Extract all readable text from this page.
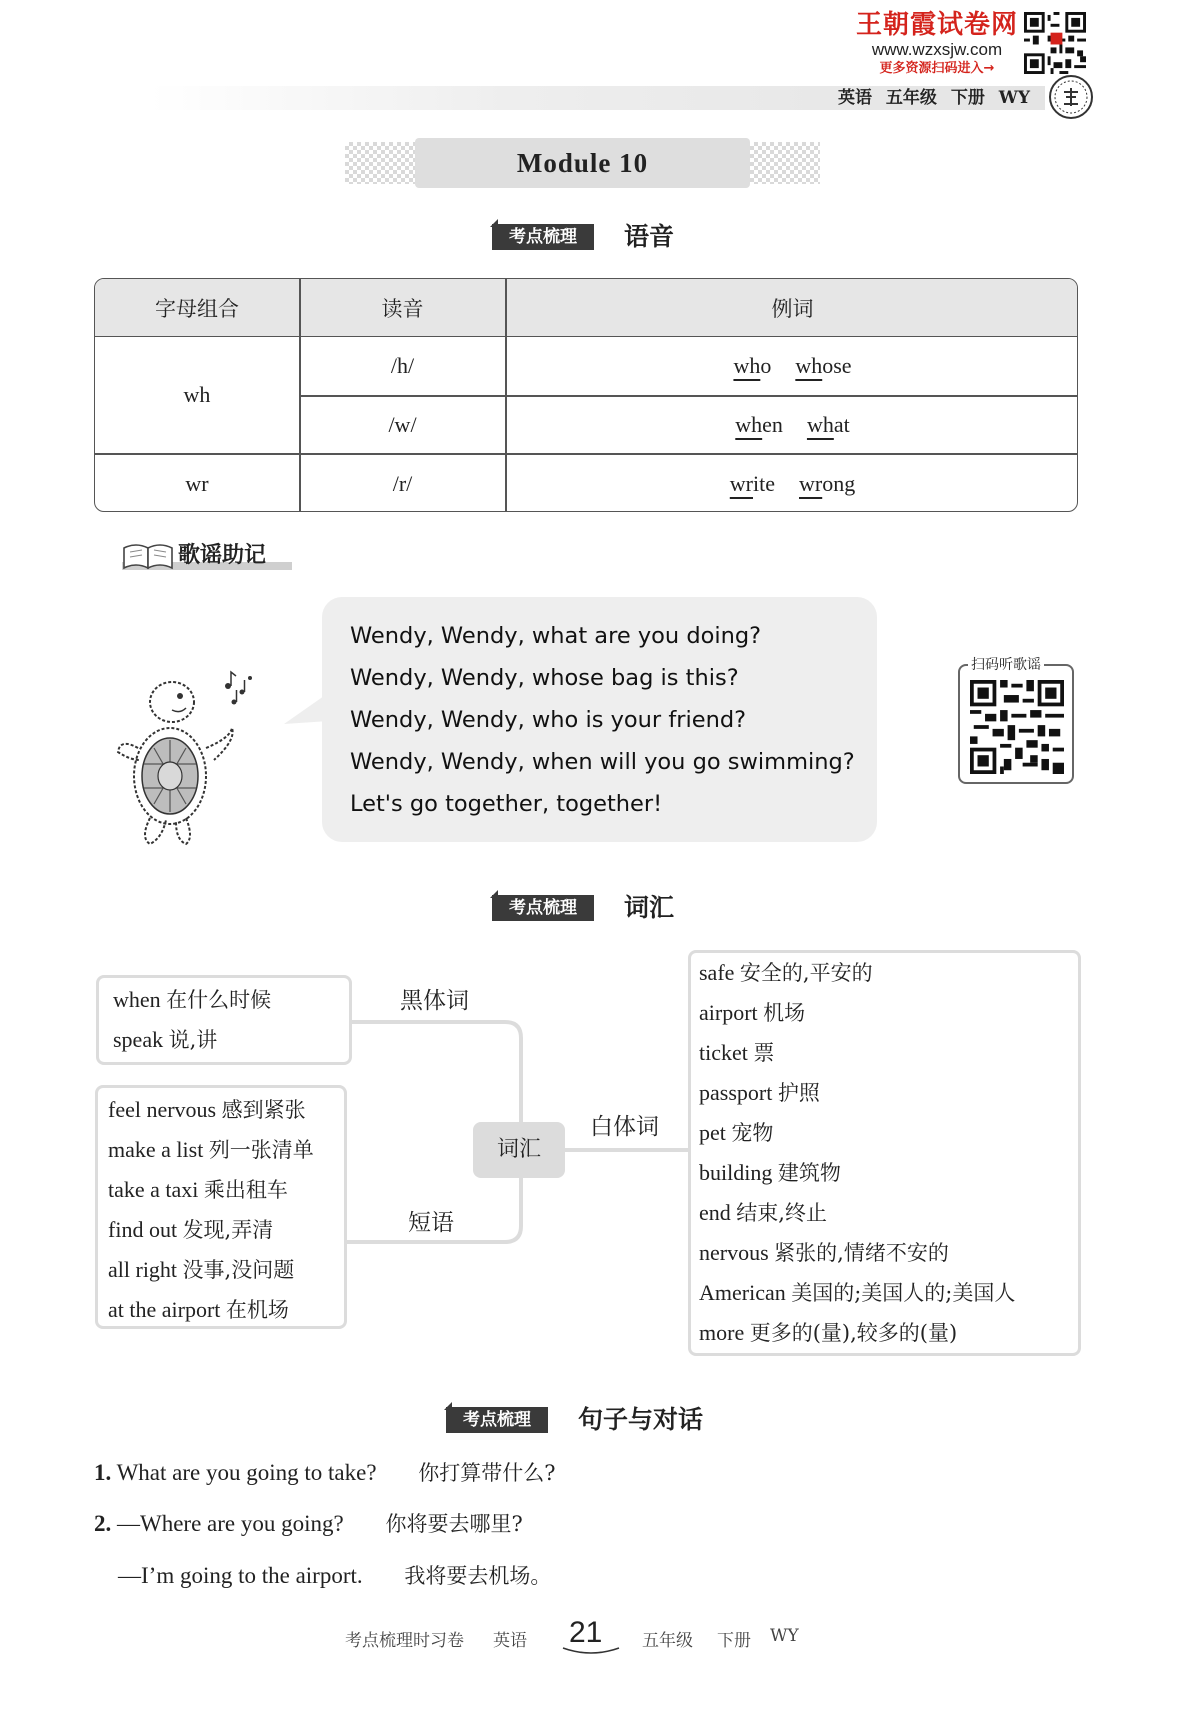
王朝霞试卷网
www.wzxsjw.com
更多资源扫码进入→
英语 五年级 下册 WY
Module 10
考点梳理	语音
字母组合	读音	例词
wh
/h/	who whose
/w/	when what
wr	/r/	write wrong
歌谣助记
Wendy, Wendy, what are you doing?
Wendy, Wendy, whose bag is this?
Wendy, Wendy, who is your friend?
Wendy, Wendy, when will you go swimming?
Let's go together, together!
扫码听歌谣
考点梳理	词汇
when 在什么时候
speak 说,讲
feel nervous 感到紧张
make a list 列一张清单
take a taxi 乘出租车
find out 发现,弄清
all right 没事,没问题
at the airport 在机场
safe 安全的,平安的
airport 机场
ticket 票
passport 护照
pet 宠物
building 建筑物
end 结束,终止
nervous 紧张的,情绪不安的
American 美国的;美国人的;美国人
more 更多的(量),较多的(量)
词汇
黑体词
白体词
短语
考点梳理	句子与对话
1. What are you going to take? 你打算带什么?
2. —Where are you going? 你将要去哪里?
—I’m going to the airport. 我将要去机场。
考点梳理时习卷 英语 21 五年级 下册 WY
